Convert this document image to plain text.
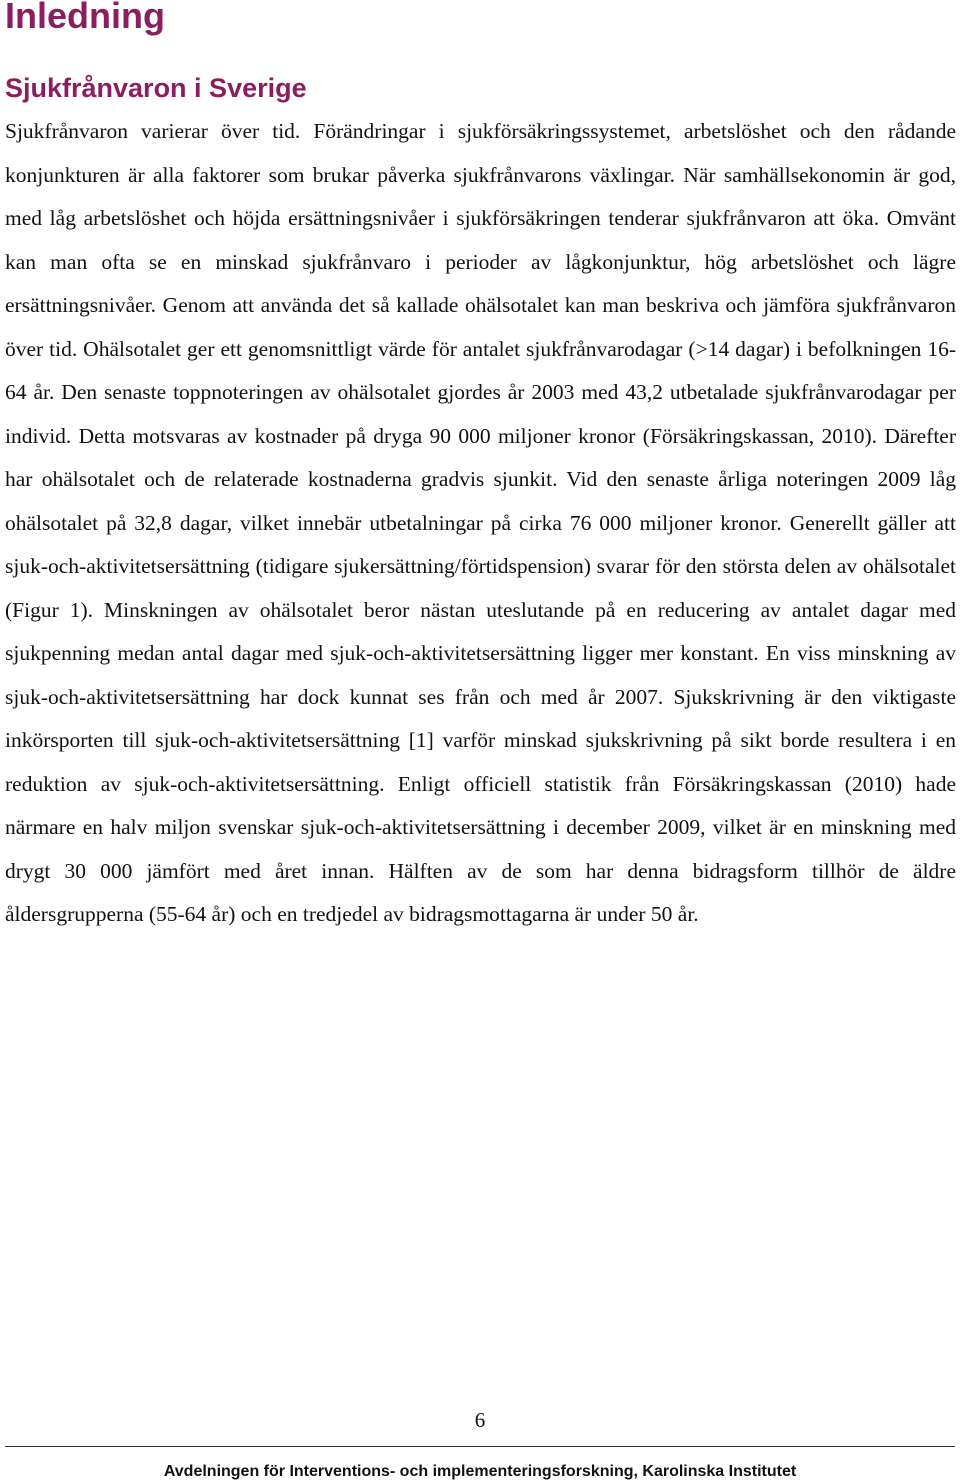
Inledning
Sjukfrånvaron i Sverige

Sjukfrånvaron varierar över tid. Förändringar i sjukförsäkringssystemet, arbetslöshet och den rådande konjunkturen är alla faktorer som brukar påverka sjukfrånvarons växlingar. När samhällsekonomin är god, med låg arbetslöshet och höjda ersättningsnivåer i sjukförsäkringen tenderar sjukfrånvaron att öka. Omvänt kan man ofta se en minskad sjukfrånvaro i perioder av lågkonjunktur, hög arbetslöshet och lägre ersättningsnivåer. Genom att använda det så kallade ohälsotalet kan man beskriva och jämföra sjukfrånvaron över tid. Ohälsotalet ger ett genomsnittligt värde för antalet sjukfrånvarodagar (>14 dagar) i befolkningen 16-64 år. Den senaste toppnoteringen av ohälsotalet gjordes år 2003 med 43,2 utbetalade sjukfrånvarodagar per individ. Detta motsvaras av kostnader på dryga 90 000 miljoner kronor (Försäkringskassan, 2010). Därefter har ohälsotalet och de relaterade kostnaderna gradvis sjunkit. Vid den senaste årliga noteringen 2009 låg ohälsotalet på 32,8 dagar, vilket innebär utbetalningar på cirka 76 000 miljoner kronor. Generellt gäller att sjuk-och-aktivitetsersättning (tidigare sjukersättning/förtidspension) svarar för den största delen av ohälsotalet (Figur 1). Minskningen av ohälsotalet beror nästan uteslutande på en reducering av antalet dagar med sjukpenning medan antal dagar med sjuk-och-aktivitetsersättning ligger mer konstant. En viss minskning av sjuk-och-aktivitetsersättning har dock kunnat ses från och med år 2007. Sjukskrivning är den viktigaste inkörsporten till sjuk-och-aktivitetsersättning [1] varför minskad sjukskrivning på sikt borde resultera i en reduktion av sjuk-och-aktivitetsersättning. Enligt officiell statistik från Försäkringskassan (2010) hade närmare en halv miljon svenskar sjuk-och-aktivitetsersättning i december 2009, vilket är en minskning med drygt 30 000 jämfört med året innan. Hälften av de som har denna bidragsform tillhör de äldre åldersgrupperna (55-64 år) och en tredjedel av bidragsmottagarna är under 50 år.

6
Avdelningen för Interventions- och implementeringsforskning, Karolinska Institutet
